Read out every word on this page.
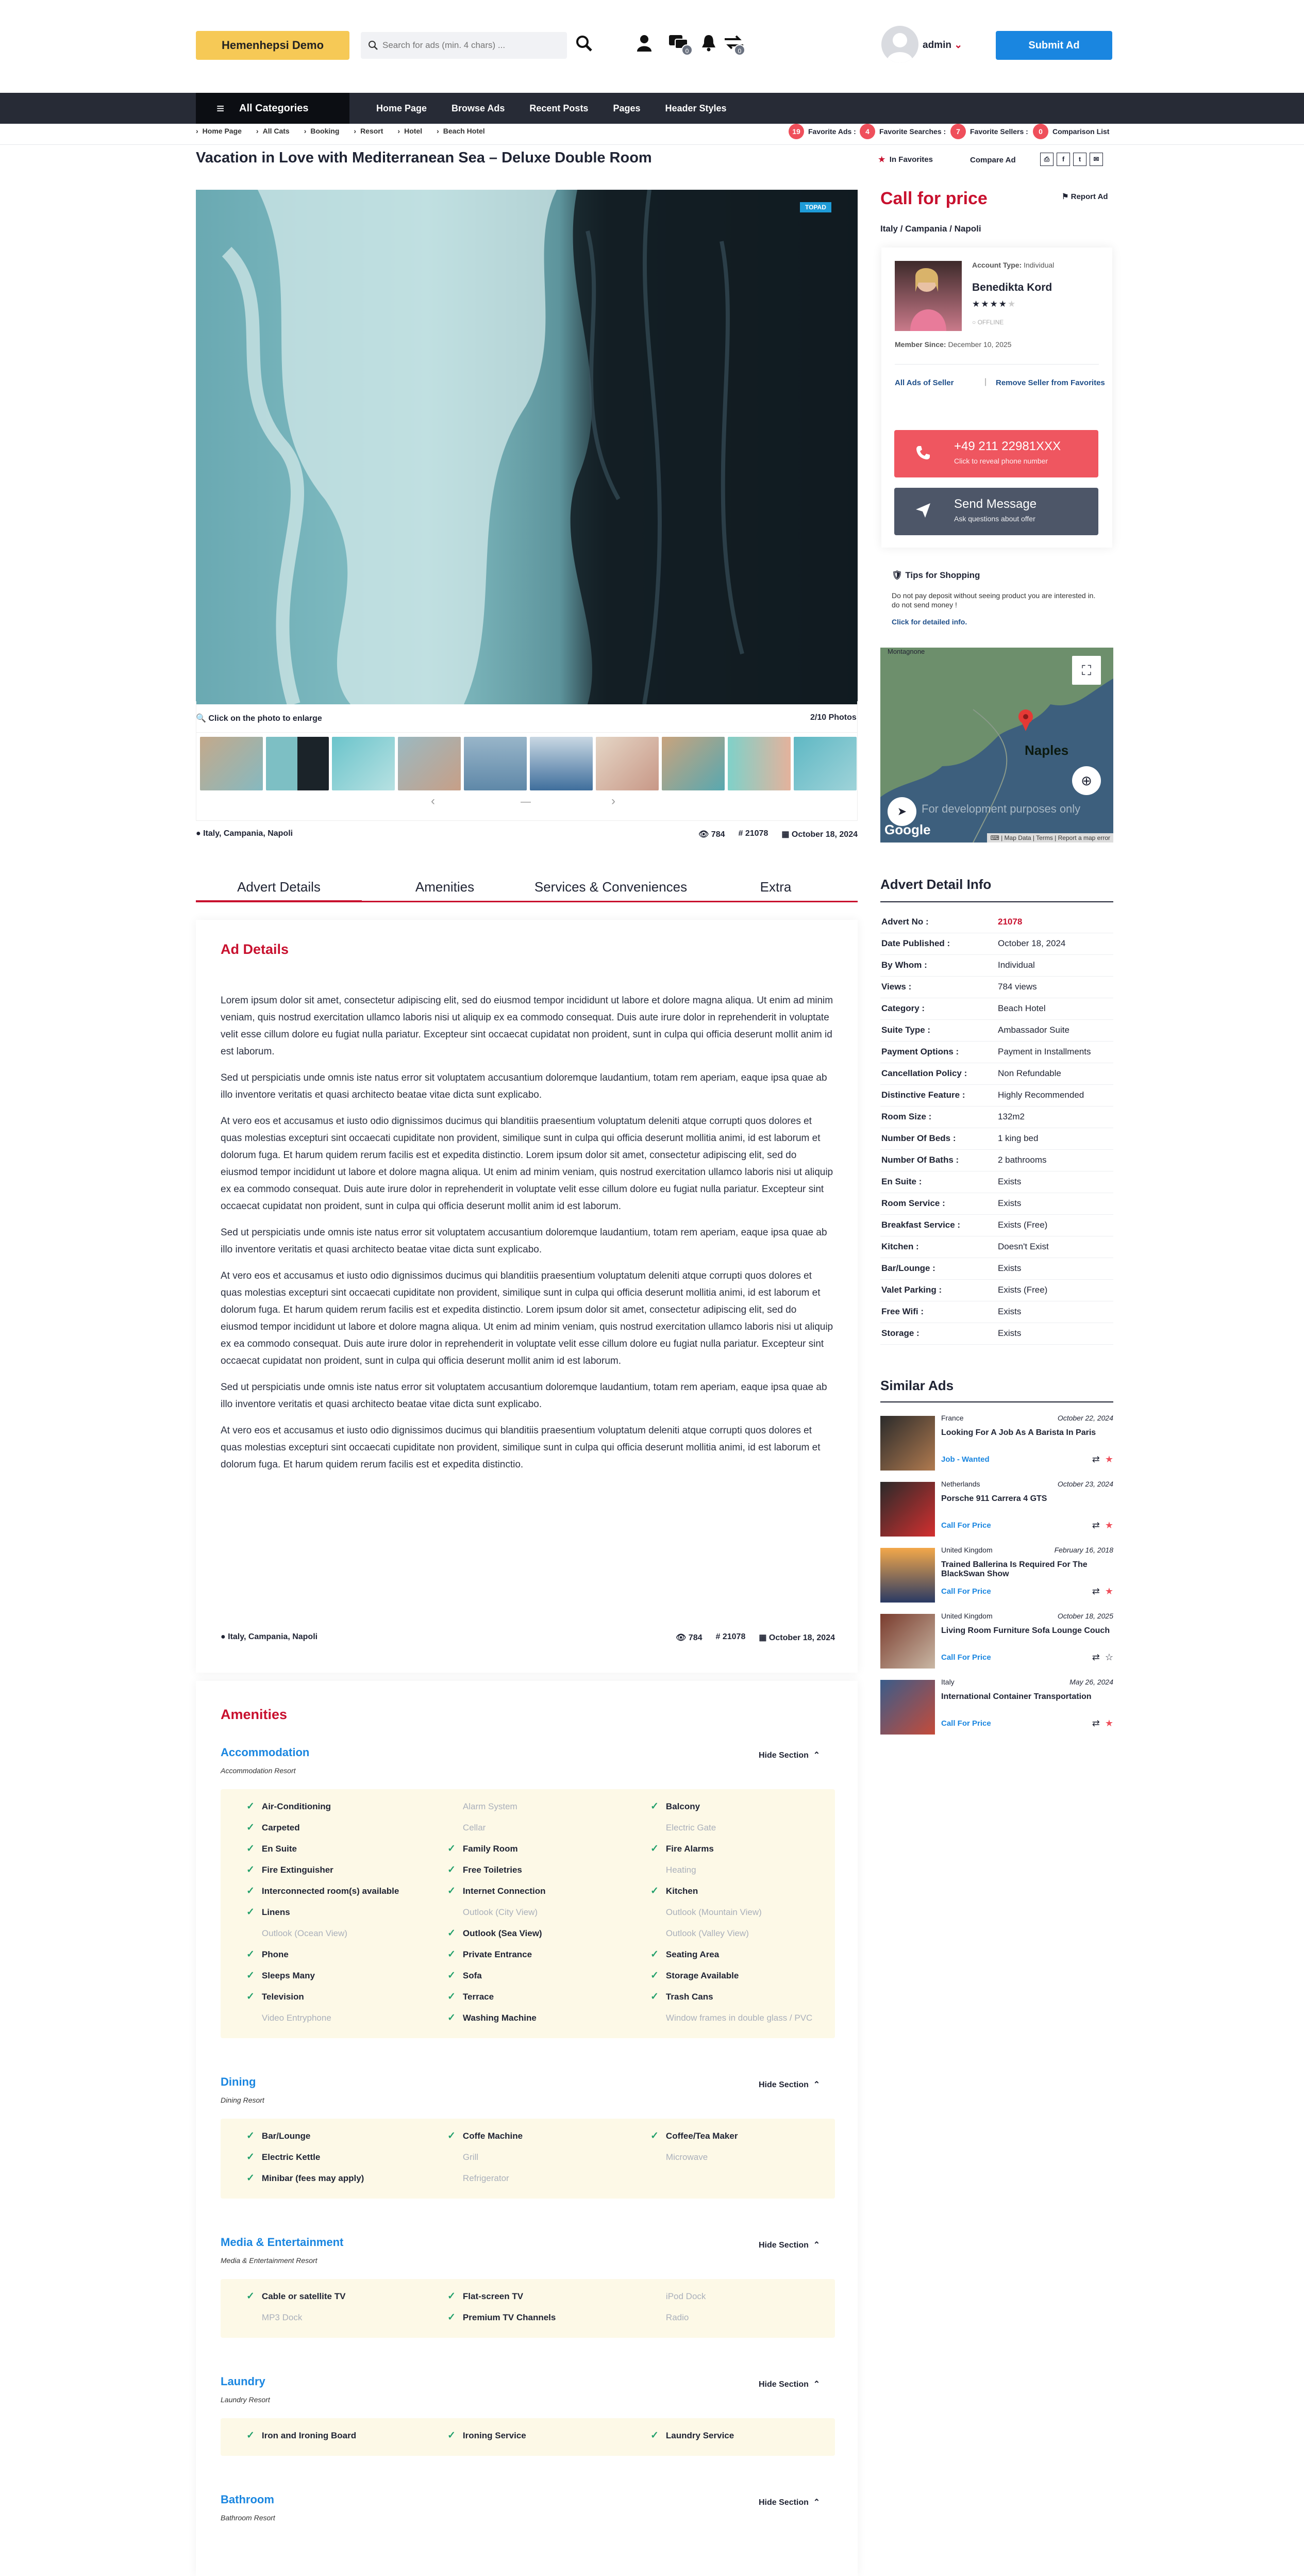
Hemenhepsi Demo
Search for ads (min. 4 chars) ...	0	0
admin ⌄	Submit Ad
≡ All Categories	Home Page	Browse Ads	Recent Posts	Pages	Header Styles
› Home Page	› All Cats	› Booking	› Resort	› Hotel	› Beach Hotel	19	Favorite Ads :	4	Favorite Searches :	7	Favorite Sellers :	0	Comparison List
Vacation in Love with Mediterranean Sea – Deluxe Double Room	★ In Favorites	Compare Ad	⎙	f	t	✉
TOPAD
🔍 Click on the photo to enlarge	2/10 Photos
‹	—	›
● Italy, Campania, Napoli	👁 784 # 21078 ▦ October 18, 2024
Advert Details	Amenities	Services & Conveniences	Extra
Ad Details

Lorem ipsum dolor sit amet, consectetur adipiscing elit, sed do eiusmod tempor incididunt ut labore et dolore magna aliqua. Ut enim ad minim veniam, quis nostrud exercitation ullamco laboris nisi ut aliquip ex ea commodo consequat. Duis aute irure dolor in reprehenderit in voluptate velit esse cillum dolore eu fugiat nulla pariatur. Excepteur sint occaecat cupidatat non proident, sunt in culpa qui officia deserunt mollit anim id est laborum.

Sed ut perspiciatis unde omnis iste natus error sit voluptatem accusantium doloremque laudantium, totam rem aperiam, eaque ipsa quae ab illo inventore veritatis et quasi architecto beatae vitae dicta sunt explicabo.

At vero eos et accusamus et iusto odio dignissimos ducimus qui blanditiis praesentium voluptatum deleniti atque corrupti quos dolores et quas molestias excepturi sint occaecati cupiditate non provident, similique sunt in culpa qui officia deserunt mollitia animi, id est laborum et dolorum fuga. Et harum quidem rerum facilis est et expedita distinctio. Lorem ipsum dolor sit amet, consectetur adipiscing elit, sed do eiusmod tempor incididunt ut labore et dolore magna aliqua. Ut enim ad minim veniam, quis nostrud exercitation ullamco laboris nisi ut aliquip ex ea commodo consequat. Duis aute irure dolor in reprehenderit in voluptate velit esse cillum dolore eu fugiat nulla pariatur. Excepteur sint occaecat cupidatat non proident, sunt in culpa qui officia deserunt mollit anim id est laborum.

Sed ut perspiciatis unde omnis iste natus error sit voluptatem accusantium doloremque laudantium, totam rem aperiam, eaque ipsa quae ab illo inventore veritatis et quasi architecto beatae vitae dicta sunt explicabo.

At vero eos et accusamus et iusto odio dignissimos ducimus qui blanditiis praesentium voluptatum deleniti atque corrupti quos dolores et quas molestias excepturi sint occaecati cupiditate non provident, similique sunt in culpa qui officia deserunt mollitia animi, id est laborum et dolorum fuga. Et harum quidem rerum facilis est et expedita distinctio. Lorem ipsum dolor sit amet, consectetur adipiscing elit, sed do eiusmod tempor incididunt ut labore et dolore magna aliqua. Ut enim ad minim veniam, quis nostrud exercitation ullamco laboris nisi ut aliquip ex ea commodo consequat. Duis aute irure dolor in reprehenderit in voluptate velit esse cillum dolore eu fugiat nulla pariatur. Excepteur sint occaecat cupidatat non proident, sunt in culpa qui officia deserunt mollit anim id est laborum.

Sed ut perspiciatis unde omnis iste natus error sit voluptatem accusantium doloremque laudantium, totam rem aperiam, eaque ipsa quae ab illo inventore veritatis et quasi architecto beatae vitae dicta sunt explicabo.

At vero eos et accusamus et iusto odio dignissimos ducimus qui blanditiis praesentium voluptatum deleniti atque corrupti quos dolores et quas molestias excepturi sint occaecati cupiditate non provident, similique sunt in culpa qui officia deserunt mollitia animi, id est laborum et dolorum fuga. Et harum quidem rerum facilis est et expedita distinctio.

● Italy, Campania, Napoli	👁 784 # 21078 ▦ October 18, 2024
Amenities
Accommodation
Accommodation Resort
Hide Section ⌃
✓ Air-Conditioning	Alarm System	✓ Balcony
✓ Carpeted	Cellar	Electric Gate
✓ En Suite	✓ Family Room	✓ Fire Alarms
✓ Fire Extinguisher	✓ Free Toiletries	Heating
✓ Interconnected room(s) available	✓ Internet Connection	✓ Kitchen
✓ Linens	Outlook (City View)	Outlook (Mountain View)
Outlook (Ocean View)	✓ Outlook (Sea View)	Outlook (Valley View)
✓ Phone	✓ Private Entrance	✓ Seating Area
✓ Sleeps Many	✓ Sofa	✓ Storage Available
✓ Television	✓ Terrace	✓ Trash Cans
Video Entryphone	✓ Washing Machine	Window frames in double glass / PVC
Dining
Dining Resort
Hide Section ⌃
✓ Bar/Lounge	✓ Coffe Machine	✓ Coffee/Tea Maker
✓ Electric Kettle	Grill	Microwave
✓ Minibar (fees may apply)	Refrigerator
Media & Entertainment
Media & Entertainment Resort
Hide Section ⌃
✓ Cable or satellite TV	✓ Flat-screen TV	iPod Dock
MP3 Dock	✓ Premium TV Channels	Radio
Laundry
Laundry Resort
Hide Section ⌃
✓ Iron and Ironing Board	✓ Ironing Service	✓ Laundry Service
Bathroom
Bathroom Resort
Hide Section ⌃
Call for price	⚑ Report Ad
Italy / Campania / Napoli
Account Type: Individual
Benedikta Kord
★★★★★
○ OFFLINE
Member Since: December 10, 2025
All Ads of Seller	| Remove Seller from Favorites
+49 211 22981XXX
Click to reveal phone number
Send Message
Ask questions about offer
🛡 Tips for Shopping
Do not pay deposit without seeing product you are interested in. do not send money !
Click for detailed info.
Montagnone
Naples
⛶
⊕
➤	For development purposes only
Google
⌨ | Map Data | Terms | Report a map error
Advert Detail Info
Advert No :	21078
Date Published :	October 18, 2024
By Whom :	Individual
Views :	784 views
Category :	Beach Hotel
Suite Type :	Ambassador Suite
Payment Options :	Payment in Installments
Cancellation Policy :	Non Refundable
Distinctive Feature :	Highly Recommended
Room Size :	132m2
Number Of Beds :	1 king bed
Number Of Baths :	2 bathrooms
En Suite :	Exists
Room Service :	Exists
Breakfast Service :	Exists (Free)
Kitchen :	Doesn't Exist
Bar/Lounge :	Exists
Valet Parking :	Exists (Free)
Free Wifi :	Exists
Storage :	Exists
Similar Ads
France	October 22, 2024
Looking For A Job As A Barista In Paris
Job - Wanted	⇄ ★
Netherlands	October 23, 2024
Porsche 911 Carrera 4 GTS
Call For Price	⇄ ★
United Kingdom	February 16, 2018
Trained Ballerina Is Required For The BlackSwan Show
Call For Price	⇄ ★
United Kingdom	October 18, 2025
Living Room Furniture Sofa Lounge Couch
Call For Price	⇄ ☆
Italy	May 26, 2024
International Container Transportation
Call For Price	⇄ ★
